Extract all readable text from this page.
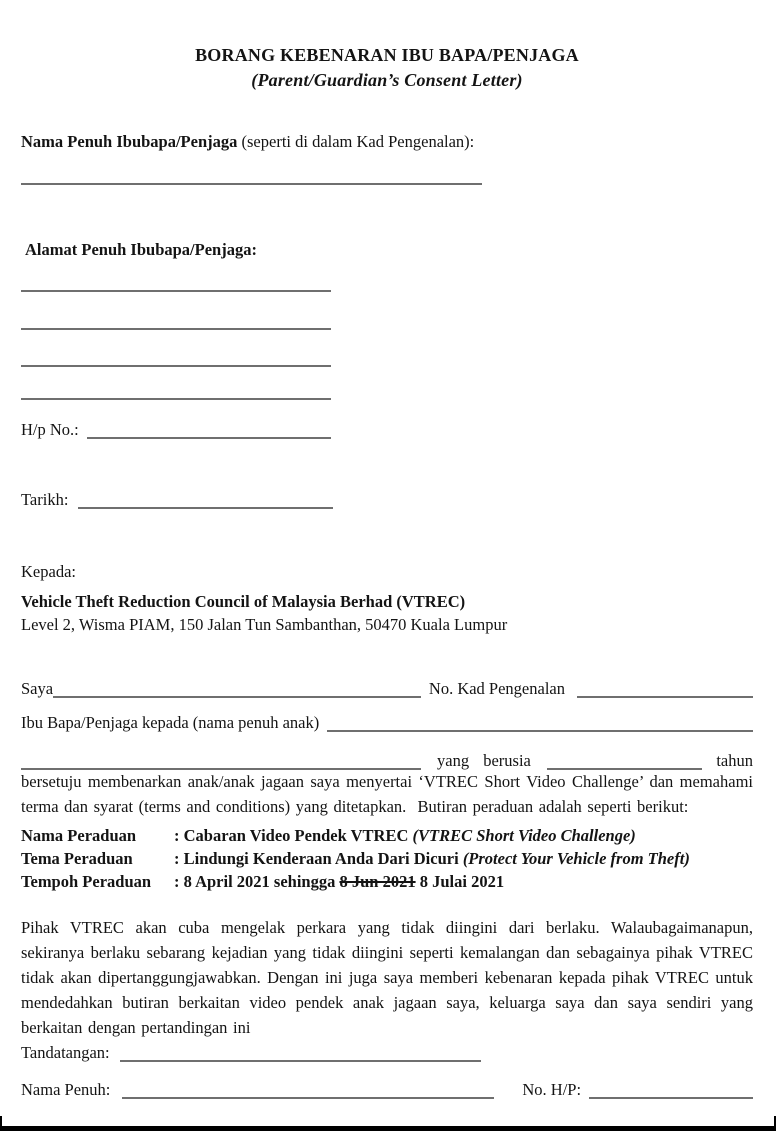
BORANG KEBENARAN IBU BAPA/PENJAGA
(Parent/Guardian’s Consent Letter)
Nama Penuh Ibubapa/Penjaga (seperti di dalam Kad Pengenalan):
Alamat Penuh Ibubapa/Penjaga:
H/p No.:
Tarikh:
Kepada:
Vehicle Theft Reduction Council of Malaysia Berhad (VTREC)
Level 2, Wisma PIAM, 150 Jalan Tun Sambanthan, 50470 Kuala Lumpur
Saya	No. Kad Pengenalan
Ibu Bapa/Penjaga kepada (nama penuh anak)
yang berusia	tahun
bersetuju membenarkan anak/anak jagaan saya menyertai ‘VTREC Short Video Challenge’ dan memahami terma dan syarat (terms and conditions) yang ditetapkan.  Butiran peraduan adalah seperti berikut:
Nama Peraduan	: Cabaran Video Pendek VTREC (VTREC Short Video Challenge)
Tema Peraduan	: Lindungi Kenderaan Anda Dari Dicuri (Protect Your Vehicle from Theft)
Tempoh Peraduan	: 8 April 2021 sehingga 8 Jun 2021 8 Julai 2021
Pihak VTREC akan cuba mengelak perkara yang tidak diingini dari berlaku. Walaubagaimanapun, sekiranya berlaku sebarang kejadian yang tidak diingini seperti kemalangan dan sebagainya pihak VTREC tidak akan dipertanggungjawabkan. Dengan ini juga saya memberi kebenaran kepada pihak VTREC untuk mendedahkan butiran berkaitan video pendek anak jagaan saya, keluarga saya dan saya sendiri yang berkaitan dengan pertandingan ini
Tandatangan:
Nama Penuh:	No. H/P:
